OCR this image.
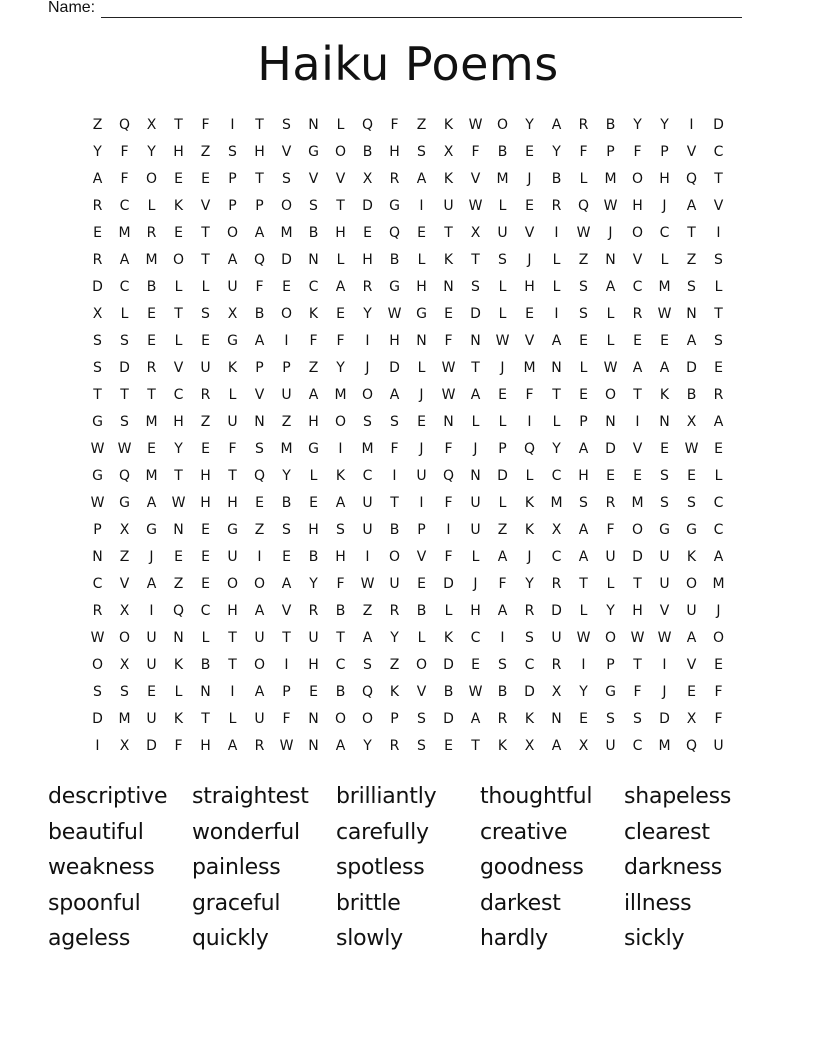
Name:
Haiku Poems
Z	Q	X	T	F	I	T	S	N	L	Q	F	Z	K	W	O	Y	A	R	B	Y	Y	I	D
Y	F	Y	H	Z	S	H	V	G	O	B	H	S	X	F	B	E	Y	F	P	F	P	V	C
A	F	O	E	E	P	T	S	V	V	X	R	A	K	V	M	J	B	L	M	O	H	Q	T
R	C	L	K	V	P	P	O	S	T	D	G	I	U	W	L	E	R	Q	W	H	J	A	V
E	M	R	E	T	O	A	M	B	H	E	Q	E	T	X	U	V	I	W	J	O	C	T	I
R	A	M	O	T	A	Q	D	N	L	H	B	L	K	T	S	J	L	Z	N	V	L	Z	S
D	C	B	L	L	U	F	E	C	A	R	G	H	N	S	L	H	L	S	A	C	M	S	L
X	L	E	T	S	X	B	O	K	E	Y	W	G	E	D	L	E	I	S	L	R	W	N	T
S	S	E	L	E	G	A	I	F	F	I	H	N	F	N	W	V	A	E	L	E	E	A	S
S	D	R	V	U	K	P	P	Z	Y	J	D	L	W	T	J	M	N	L	W	A	A	D	E
T	T	T	C	R	L	V	U	A	M	O	A	J	W	A	E	F	T	E	O	T	K	B	R
G	S	M	H	Z	U	N	Z	H	O	S	S	E	N	L	L	I	L	P	N	I	N	X	A
W W	E	Y	E	F	S	M	G	I	M	F	J	F	J	P	Q	Y	A	D	V	E	W	E
G	Q	M	T	H	T	Q	Y	L	K	C	I	U	Q	N	D	L	C	H	E	E	S	E	L
W	G	A	W	H	H	E	B	E	A	U	T	I	F	U	L	K	M	S	R	M	S	S	C
P	X	G	N	E	G	Z	S	H	S	U	B	P	I	U	Z	K	X	A	F	O	G	G	C
N	Z	J	E	E	U	I	E	B	H	I	O	V	F	L	A	J	C	A	U	D	U	K	A
C	V	A	Z	E	O	O	A	Y	F	W	U	E	D	J	F	Y	R	T	L	T	U	O	M
R	X	I	Q	C	H	A	V	R	B	Z	R	B	L	H	A	R	D	L	Y	H	V	U	J
W	O	U	N	L	T	U	T	U	T	A	Y	L	K	C	I	S	U	W	O	W W	A	O
O	X	U	K	B	T	O	I	H	C	S	Z	O	D	E	S	C	R	I	P	T	I	V	E
S	S	E	L	N	I	A	P	E	B	Q	K	V	B	W	B	D	X	Y	G	F	J	E	F
D	M	U	K	T	L	U	F	N	O	O	P	S	D	A	R	K	N	E	S	S	D	X	F
I	X	D	F	H	A	R	W	N	A	Y	R	S	E	T	K	X	A	X	U	C	M	Q	U
descriptive	straightest	brilliantly	thoughtful	shapeless
beautiful	wonderful	carefully	creative	clearest
weakness	painless	spotless	goodness	darkness
spoonful	graceful	brittle	darkest	illness
ageless	quickly	slowly	hardly	sickly
